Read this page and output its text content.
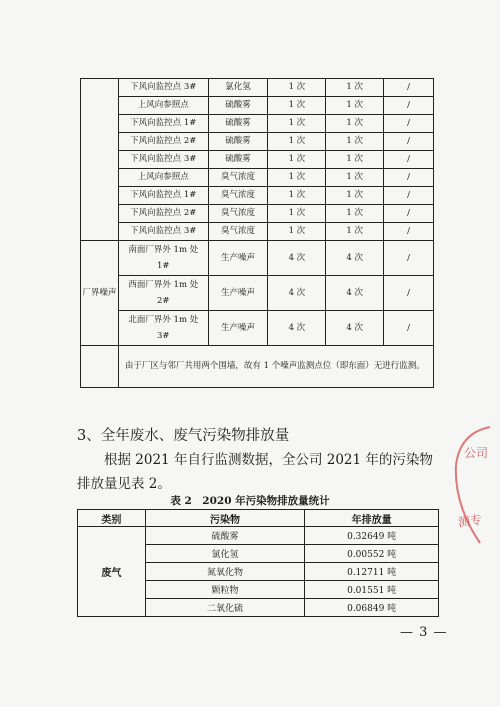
	下风向监控点 3#	氯化氢	1 次	1 次	/
	上风向参照点	硫酸雾	1 次	1 次	/
	下风向监控点 1#	硫酸雾	1 次	1 次	/
	下风向监控点 2#	硫酸雾	1 次	1 次	/
	下风向监控点 3#	硫酸雾	1 次	1 次	/
	上风向参照点	臭气浓度	1 次	1 次	/
	下风向监控点 1#	臭气浓度	1 次	1 次	/
	下风向监控点 2#	臭气浓度	1 次	1 次	/
	下风向监控点 3#	臭气浓度	1 次	1 次	/
厂界噪声	南面厂界外 1m 处 1#	生产噪声	4 次	4 次	/
	西面厂界外 1m 处 2#	生产噪声	4 次	4 次	/
	北面厂界外 1m 处 3#	生产噪声	4 次	4 次	/
	由于厂区与邻厂共用两个围墙，故有 1 个噪声监测点位（即东面）无进行监测。				
3、全年废水、废气污染物排放量

根据 2021 年自行监测数据，全公司 2021 年的污染物排放量见表 2。

表 2　2020 年污染物排放量统计
类别	污染物	年排放量
废气	硫酸雾	0.32649 吨
	氯化氢	0.00552 吨
	氮氧化物	0.12711 吨
	颗粒物	0.01551 吨
	二氧化硫	0.06849 吨
— 3 —
公司
测专
